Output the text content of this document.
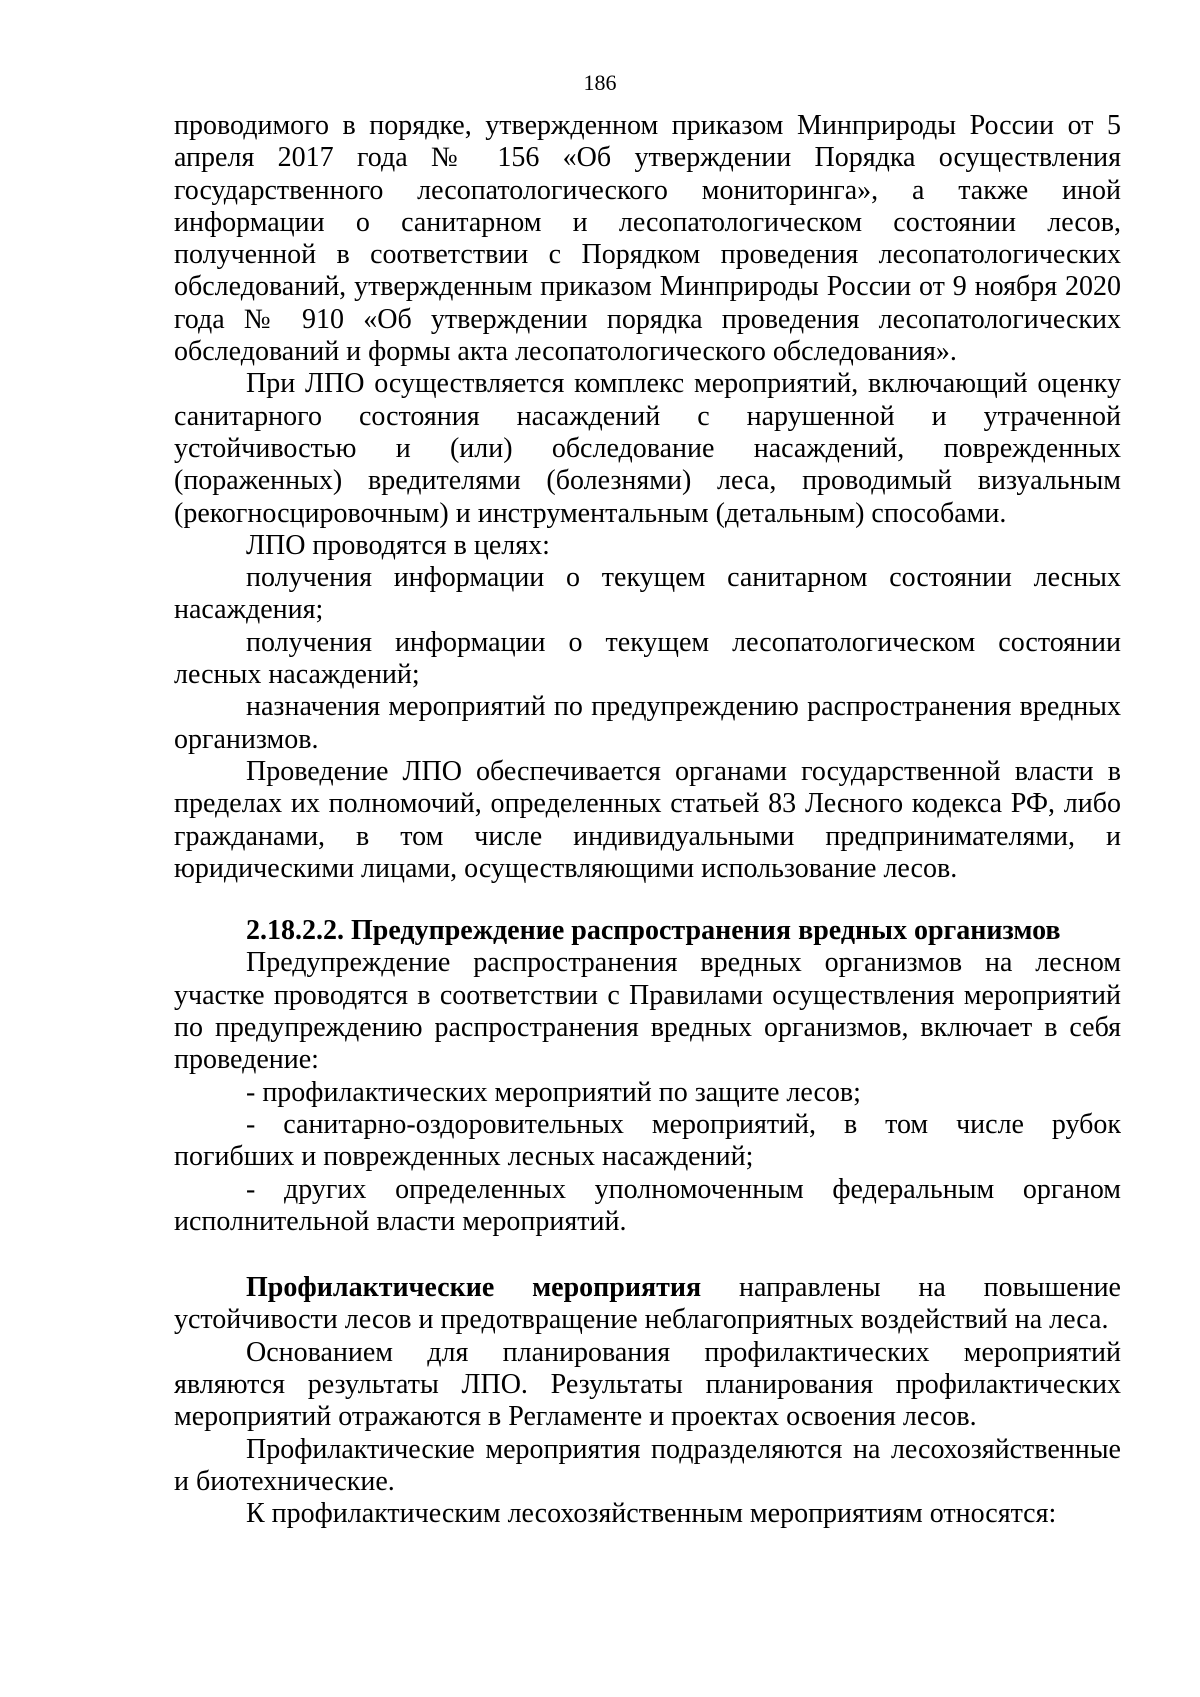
186

проводимого в порядке, утвержденном приказом Минприроды России от 5 апреля 2017 года № 156 «Об утверждении Порядка осуществления государственного лесопатологического мониторинга», а также иной информации о санитарном и лесопатологическом состоянии лесов, полученной в соответствии с Порядком проведения лесопатологических обследований, утвержденным приказом Минприроды России от 9 ноября 2020 года № 910 «Об утверждении порядка проведения лесопатологических обследований и формы акта лесопатологического обследования».

При ЛПО осуществляется комплекс мероприятий, включающий оценку санитарного состояния насаждений с нарушенной и утраченной устойчивостью и (или) обследование насаждений, поврежденных (пораженных) вредителями (болезнями) леса, проводимый визуальным (рекогносцировочным) и инструментальным (детальным) способами.

ЛПО проводятся в целях:

получения информации о текущем санитарном состоянии лесных насаждения;

получения информации о текущем лесопатологическом состоянии лесных насаждений;

назначения мероприятий по предупреждению распространения вредных организмов.

Проведение ЛПО обеспечивается органами государственной власти в пределах их полномочий, определенных статьей 83 Лесного кодекса РФ, либо гражданами, в том числе индивидуальными предпринимателями, и юридическими лицами, осуществляющими использование лесов.

2.18.2.2. Предупреждение распространения вредных организмов

Предупреждение распространения вредных организмов на лесном участке проводятся в соответствии с Правилами осуществления мероприятий по предупреждению распространения вредных организмов, включает в себя проведение:

- профилактических мероприятий по защите лесов;

- санитарно-оздоровительных мероприятий, в том числе рубок погибших и поврежденных лесных насаждений;

- других определенных уполномоченным федеральным органом исполнительной власти мероприятий.

Профилактические мероприятия направлены на повышение устойчивости лесов и предотвращение неблагоприятных воздействий на леса.

Основанием для планирования профилактических мероприятий являются результаты ЛПО. Результаты планирования профилактических мероприятий отражаются в Регламенте и проектах освоения лесов.

Профилактические мероприятия подразделяются на лесохозяйственные и биотехнические.

К профилактическим лесохозяйственным мероприятиям относятся:
